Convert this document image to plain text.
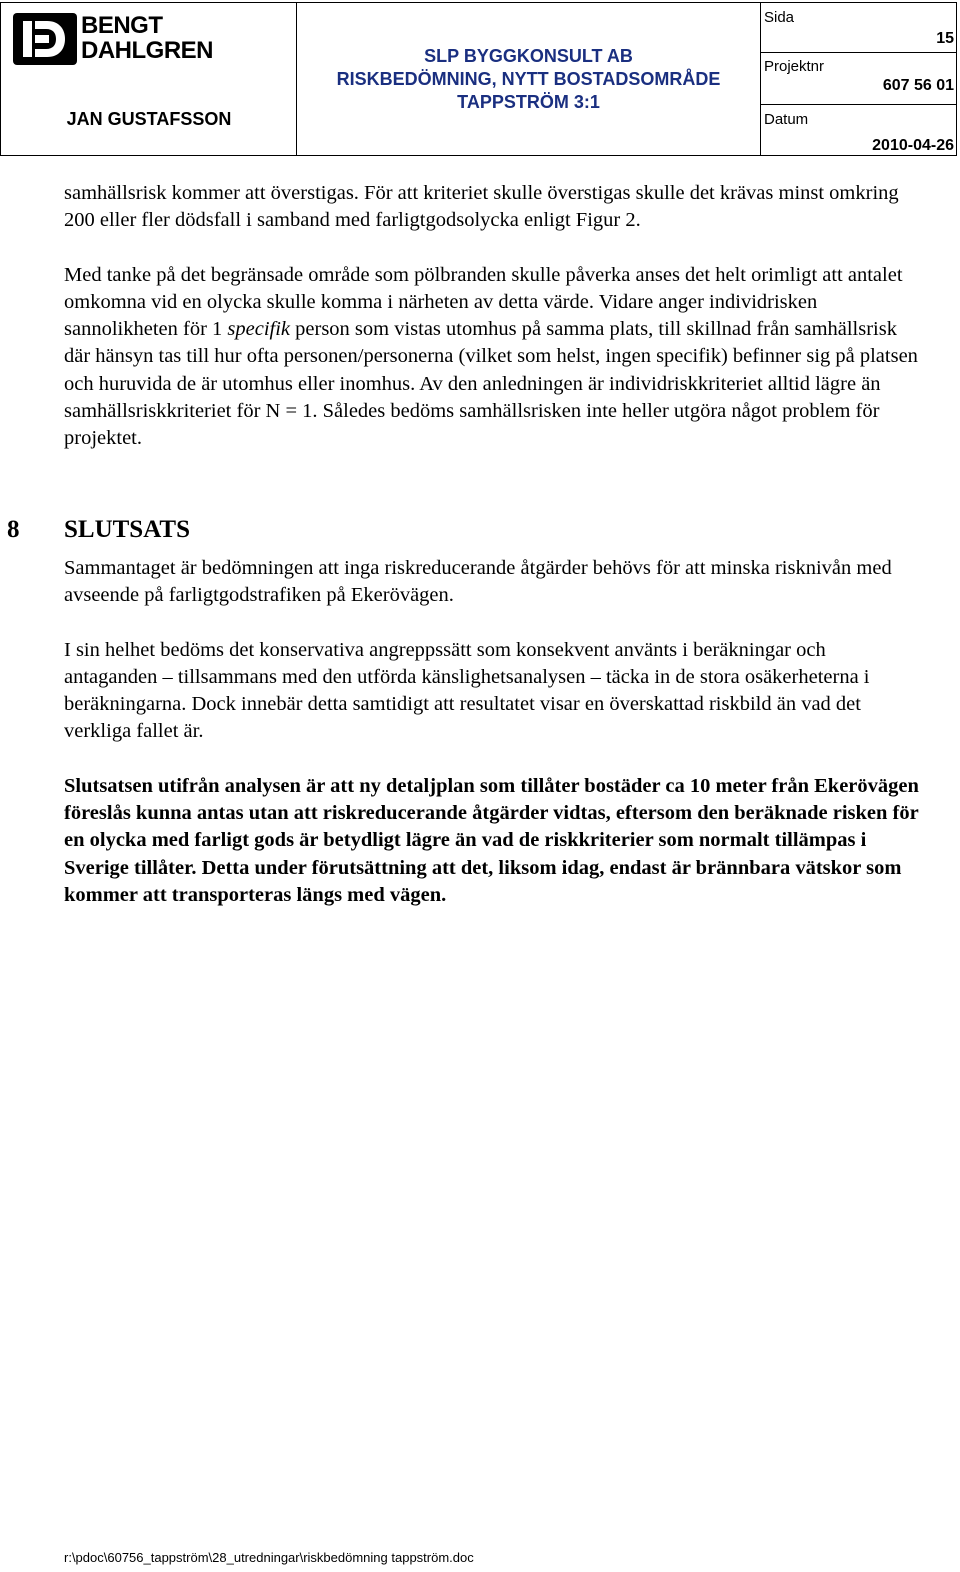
BENGT
DAHLGREN
JAN GUSTAFSSON
SLP BYGGKONSULT AB
RISKBEDÖMNING, NYTT BOSTADSOMRÅDE
TAPPSTRÖM 3:1
Sida
15
Projektnr
607 56 01
Datum
2010-04-26

samhällsrisk kommer att överstigas. För att kriteriet skulle överstigas skulle det krävas minst omkring 200 eller fler dödsfall i samband med farligtgodsolycka enligt Figur 2.

Med tanke på det begränsade område som pölbranden skulle påverka anses det helt orimligt att antalet omkomna vid en olycka skulle komma i närheten av detta värde. Vidare anger individrisken sannolikheten för 1 specifik person som vistas utomhus på samma plats, till skillnad från samhällsrisk där hänsyn tas till hur ofta personen/personerna (vilket som helst, ingen specifik) befinner sig på platsen och huruvida de är utomhus eller inomhus. Av den anledningen är individriskkriteriet alltid lägre än samhällsriskkriteriet för N = 1. Således bedöms samhällsrisken inte heller utgöra något problem för projektet.

8 SLUTSATS

Sammantaget är bedömningen att inga riskreducerande åtgärder behövs för att minska risknivån med avseende på farligtgodstrafiken på Ekerövägen.

I sin helhet bedöms det konservativa angreppssätt som konsekvent använts i beräkningar och antaganden – tillsammans med den utförda känslighetsanalysen – täcka in de stora osäkerheterna i beräkningarna. Dock innebär detta samtidigt att resultatet visar en överskattad riskbild än vad det verkliga fallet är.

Slutsatsen utifrån analysen är att ny detaljplan som tillåter bostäder ca 10 meter från Ekerövägen föreslås kunna antas utan att riskreducerande åtgärder vidtas, eftersom den beräknade risken för en olycka med farligt gods är betydligt lägre än vad de riskkriterier som normalt tillämpas i Sverige tillåter. Detta under förutsättning att det, liksom idag, endast är brännbara vätskor som kommer att transporteras längs med vägen.

r:\pdoc\60756_tappström\28_utredningar\riskbedömning tappström.doc
